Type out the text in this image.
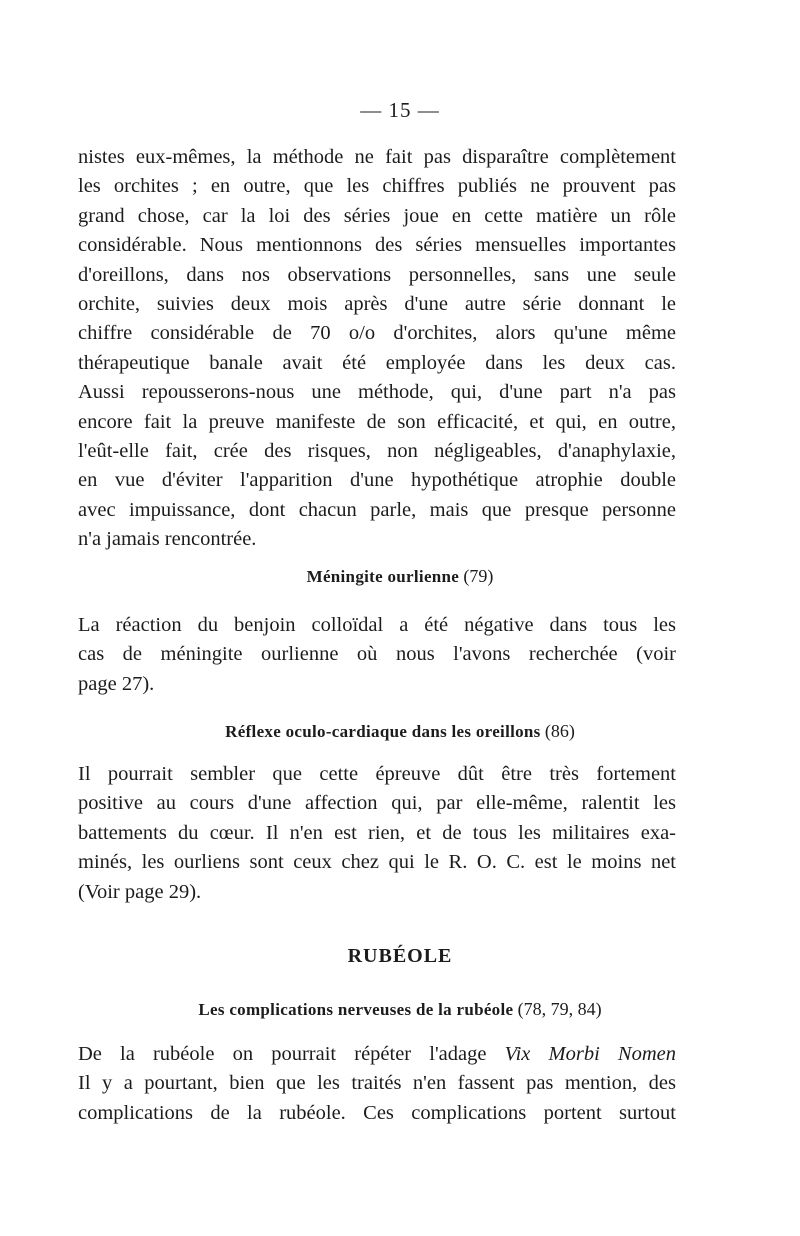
— 15 —
nistes eux-mêmes, la méthode ne fait pas disparaître complètement
les orchites ; en outre, que les chiffres publiés ne prouvent pas
grand chose, car la loi des séries joue en cette matière un rôle
considérable. Nous mentionnons des séries mensuelles importantes
d'oreillons, dans nos observations personnelles, sans une seule
orchite, suivies deux mois après d'une autre série donnant le
chiffre considérable de 70 o/o d'orchites, alors qu'une même
thérapeutique banale avait été employée dans les deux cas.
Aussi repousserons-nous une méthode, qui, d'une part n'a pas
encore fait la preuve manifeste de son efficacité, et qui, en outre,
l'eût-elle fait, crée des risques, non négligeables, d'anaphylaxie,
en vue d'éviter l'apparition d'une hypothétique atrophie double
avec impuissance, dont chacun parle, mais que presque personne
n'a jamais rencontrée.
Méningite ourlienne (79)
La réaction du benjoin colloïdal a été négative dans tous les
cas de méningite ourlienne où nous l'avons recherchée (voir
page 27).
Réflexe oculo-cardiaque dans les oreillons (86)
Il pourrait sembler que cette épreuve dût être très fortement
positive au cours d'une affection qui, par elle-même, ralentit les
battements du cœur. Il n'en est rien, et de tous les militaires exa-
minés, les ourliens sont ceux chez qui le R. O. C. est le moins net
(Voir page 29).
RUBÉOLE
Les complications nerveuses de la rubéole (78, 79, 84)
De la rubéole on pourrait répéter l'adage Vix Morbi Nomen
Il y a pourtant, bien que les traités n'en fassent pas mention, des
complications de la rubéole. Ces complications portent surtout
